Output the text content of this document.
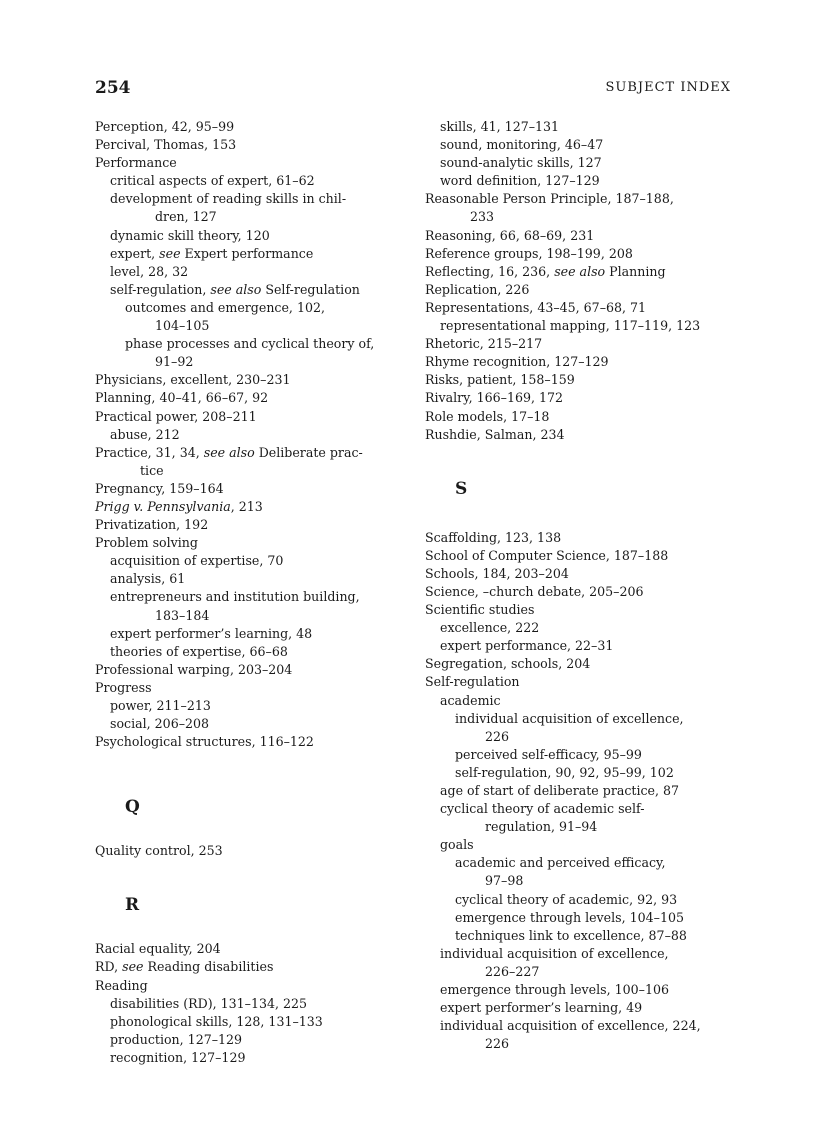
254	SUBJECT INDEX
Perception, 42, 95–99
Percival, Thomas, 153
Performance
critical aspects of expert, 61–62
development of reading skills in chil-
dren, 127
dynamic skill theory, 120
expert, see Expert performance
level, 28, 32
self-regulation, see also Self-regulation
outcomes and emergence, 102,
104–105
phase processes and cyclical theory of,
91–92
Physicians, excellent, 230–231
Planning, 40–41, 66–67, 92
Practical power, 208–211
abuse, 212
Practice, 31, 34, see also Deliberate prac-
tice
Pregnancy, 159–164
Prigg v. Pennsylvania, 213
Privatization, 192
Problem solving
acquisition of expertise, 70
analysis, 61
entrepreneurs and institution building,
183–184
expert performer’s learning, 48
theories of expertise, 66–68
Professional warping, 203–204
Progress
power, 211–213
social, 206–208
Psychological structures, 116–122
Q
Quality control, 253
R
Racial equality, 204
RD, see Reading disabilities
Reading
disabilities (RD), 131–134, 225
phonological skills, 128, 131–133
production, 127–129
recognition, 127–129
skills, 41, 127–131
sound, monitoring, 46–47
sound-analytic skills, 127
word definition, 127–129
Reasonable Person Principle, 187–188,
233
Reasoning, 66, 68–69, 231
Reference groups, 198–199, 208
Reflecting, 16, 236, see also Planning
Replication, 226
Representations, 43–45, 67–68, 71
representational mapping, 117–119, 123
Rhetoric, 215–217
Rhyme recognition, 127–129
Risks, patient, 158–159
Rivalry, 166–169, 172
Role models, 17–18
Rushdie, Salman, 234
S
Scaffolding, 123, 138
School of Computer Science, 187–188
Schools, 184, 203–204
Science, –church debate, 205–206
Scientific studies
excellence, 222
expert performance, 22–31
Segregation, schools, 204
Self-regulation
academic
individual acquisition of excellence,
226
perceived self-efficacy, 95–99
self-regulation, 90, 92, 95–99, 102
age of start of deliberate practice, 87
cyclical theory of academic self-
regulation, 91–94
goals
academic and perceived efficacy,
97–98
cyclical theory of academic, 92, 93
emergence through levels, 104–105
techniques link to excellence, 87–88
individual acquisition of excellence,
226–227
emergence through levels, 100–106
expert performer’s learning, 49
individual acquisition of excellence, 224,
226
